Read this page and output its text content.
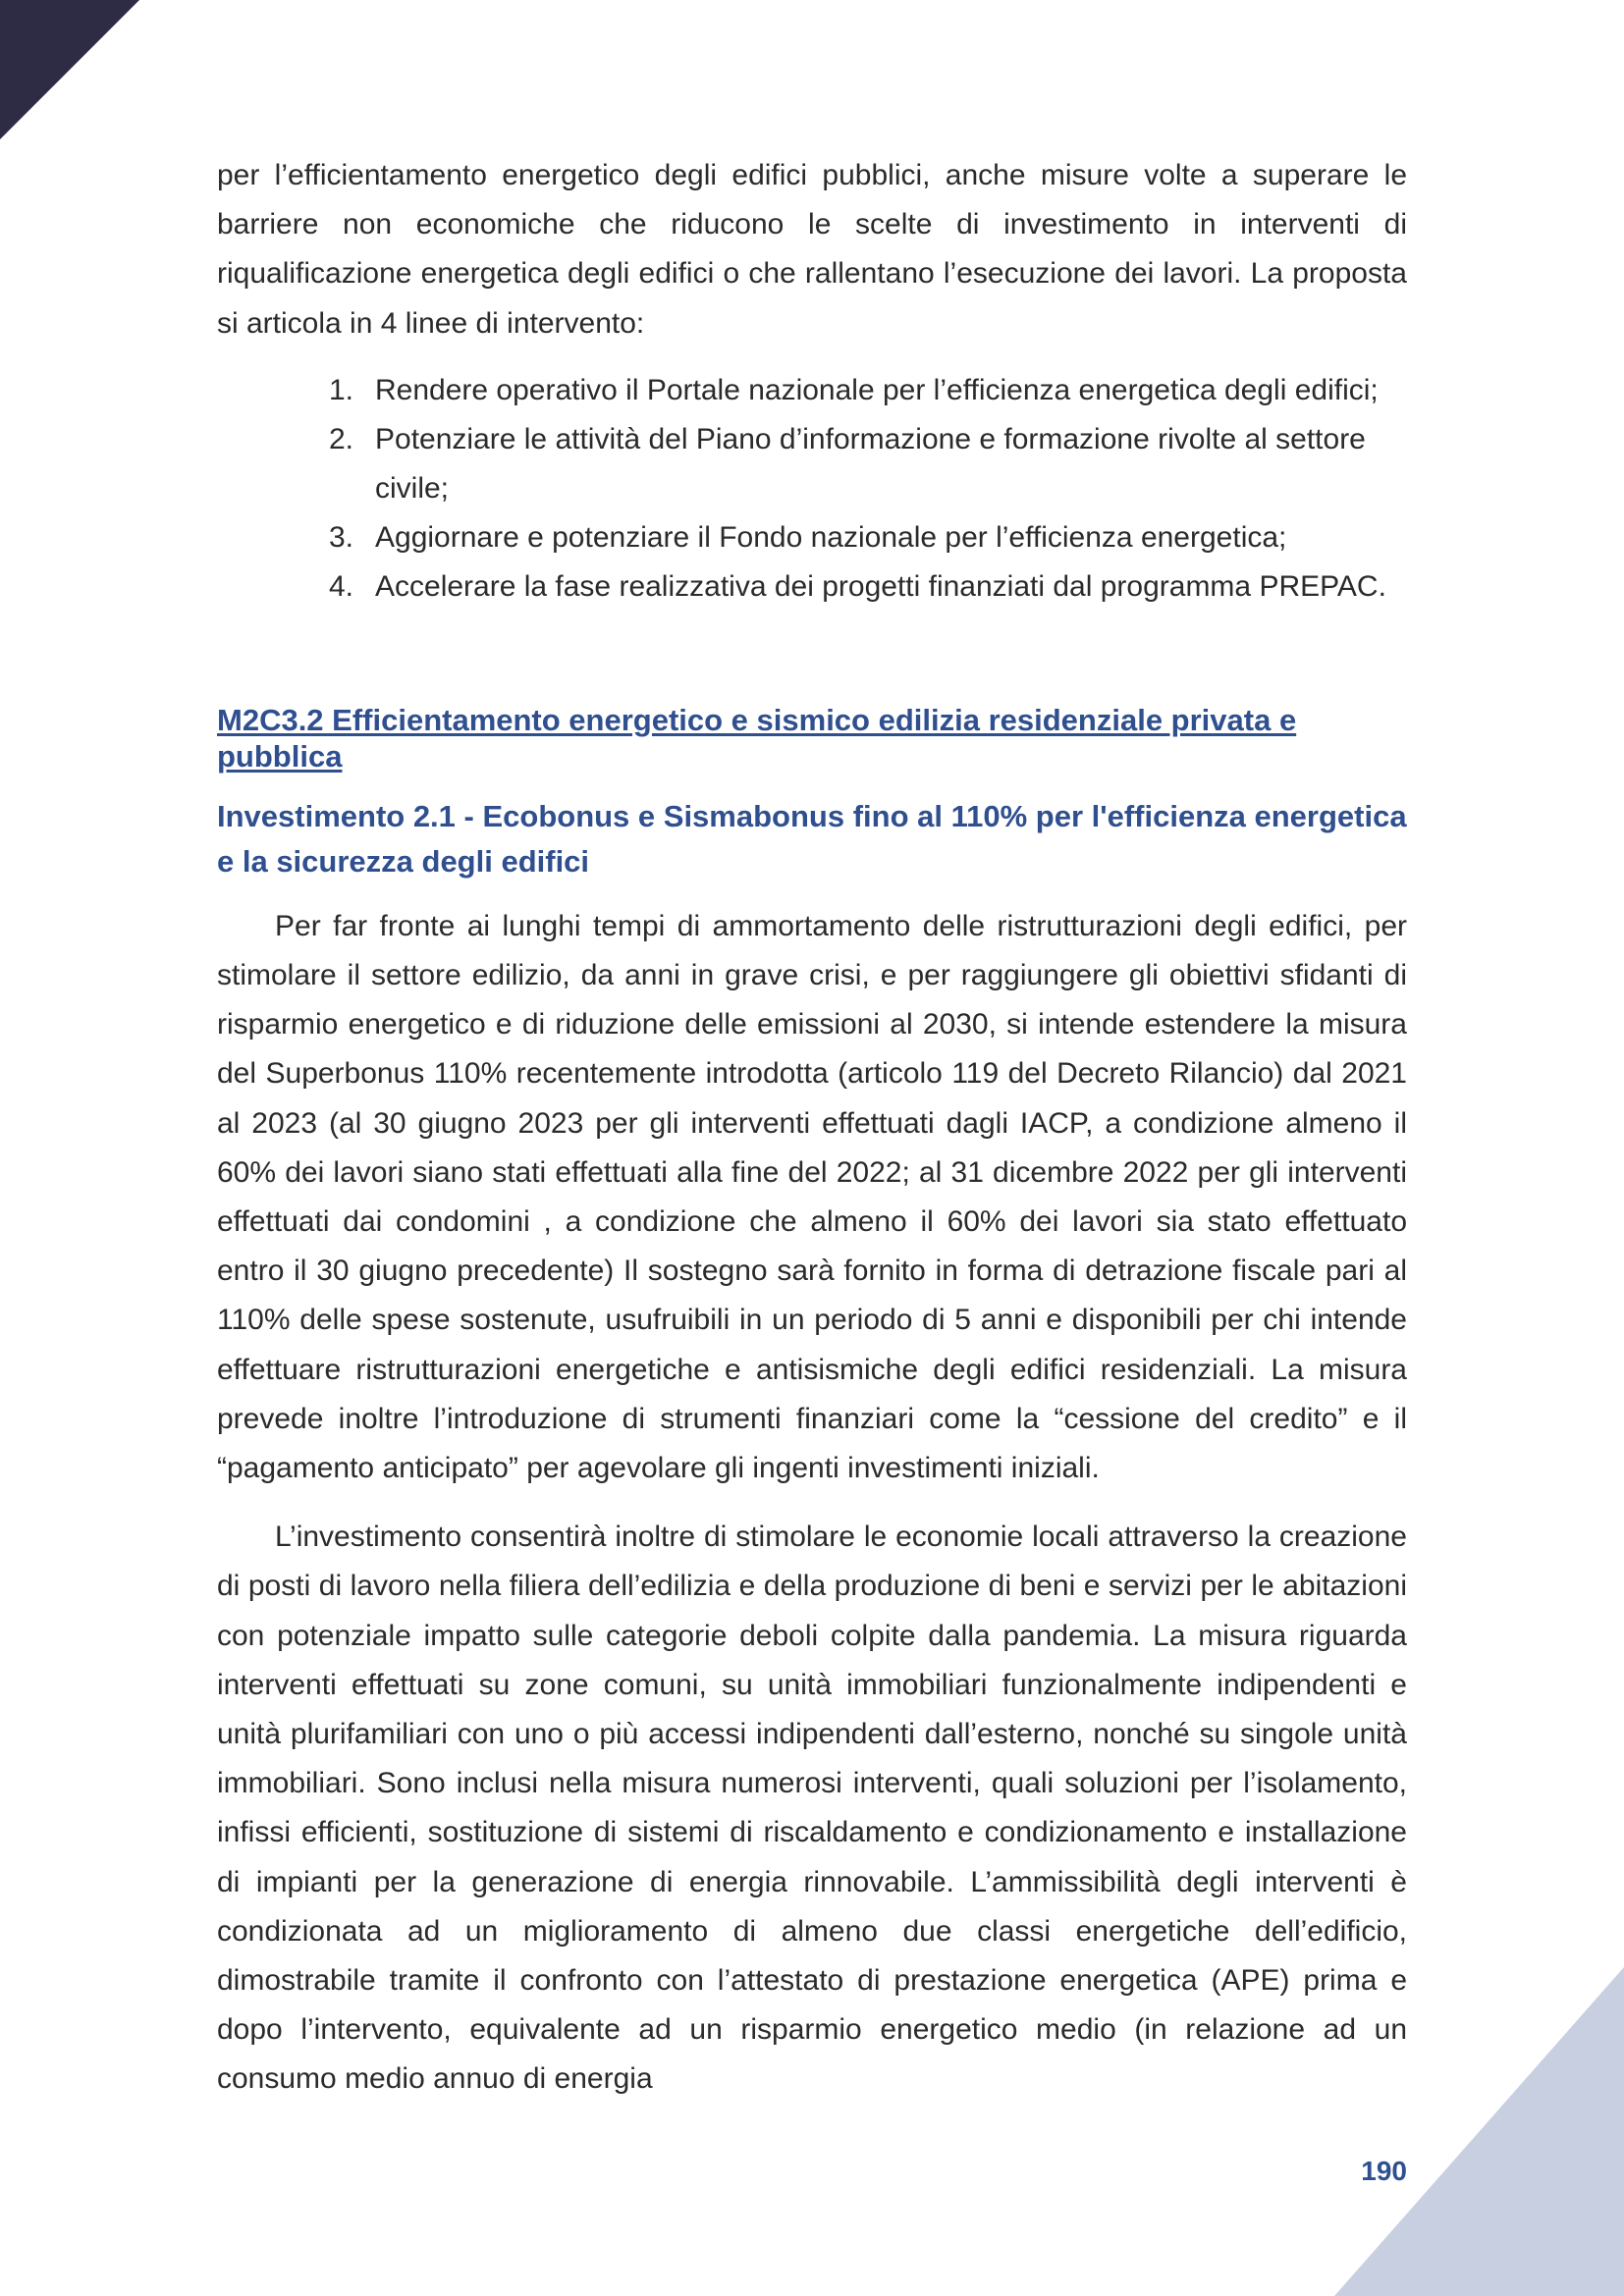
per l’efficientamento energetico degli edifici pubblici, anche misure volte a superare le barriere non economiche che riducono le scelte di investimento in interventi di riqualificazione energetica degli edifici o che rallentano l’esecuzione dei lavori. La proposta si articola in 4 linee di intervento:

1. Rendere operativo il Portale nazionale per l’efficienza energetica degli edifici;
2. Potenziare le attività del Piano d’informazione e formazione rivolte al settore civile;
3. Aggiornare e potenziare il Fondo nazionale per l’efficienza energetica;
4. Accelerare la fase realizzativa dei progetti finanziati dal programma PREPAC.
M2C3.2 Efficientamento energetico e sismico edilizia residenziale privata e pubblica
Investimento 2.1 - Ecobonus e Sismabonus fino al 110% per l'efficienza energetica e la sicurezza degli edifici

Per far fronte ai lunghi tempi di ammortamento delle ristrutturazioni degli edifici, per stimolare il settore edilizio, da anni in grave crisi, e per raggiungere gli obiettivi sfidanti di risparmio energetico e di riduzione delle emissioni al 2030, si intende estendere la misura del Superbonus 110% recentemente introdotta (articolo 119 del Decreto Rilancio) dal 2021 al 2023 (al 30 giugno 2023 per gli interventi effettuati dagli IACP, a condizione almeno il 60% dei lavori siano stati effettuati alla fine del 2022; al 31 dicembre 2022 per gli interventi effettuati dai condomini , a condizione che almeno il 60% dei lavori sia stato effettuato entro il 30 giugno precedente) Il sostegno sarà fornito in forma di detrazione fiscale pari al 110% delle spese sostenute, usufruibili in un periodo di 5 anni e disponibili per chi intende effettuare ristrutturazioni energetiche e antisismiche degli edifici residenziali. La misura prevede inoltre l’introduzione di strumenti finanziari come la “cessione del credito” e il “pagamento anticipato” per agevolare gli ingenti investimenti iniziali.

L’investimento consentirà inoltre di stimolare le economie locali attraverso la creazione di posti di lavoro nella filiera dell’edilizia e della produzione di beni e servizi per le abitazioni con potenziale impatto sulle categorie deboli colpite dalla pandemia. La misura riguarda interventi effettuati su zone comuni, su unità immobiliari funzionalmente indipendenti e unità plurifamiliari con uno o più accessi indipendenti dall’esterno, nonché su singole unità immobiliari. Sono inclusi nella misura numerosi interventi, quali soluzioni per l’isolamento, infissi efficienti, sostituzione di sistemi di riscaldamento e condizionamento e installazione di impianti per la generazione di energia rinnovabile. L’ammissibilità degli interventi è condizionata ad un miglioramento di almeno due classi energetiche dell’edificio, dimostrabile tramite il confronto con l’attestato di prestazione energetica (APE) prima e dopo l’intervento, equivalente ad un risparmio energetico medio (in relazione ad un consumo medio annuo di energia

190
